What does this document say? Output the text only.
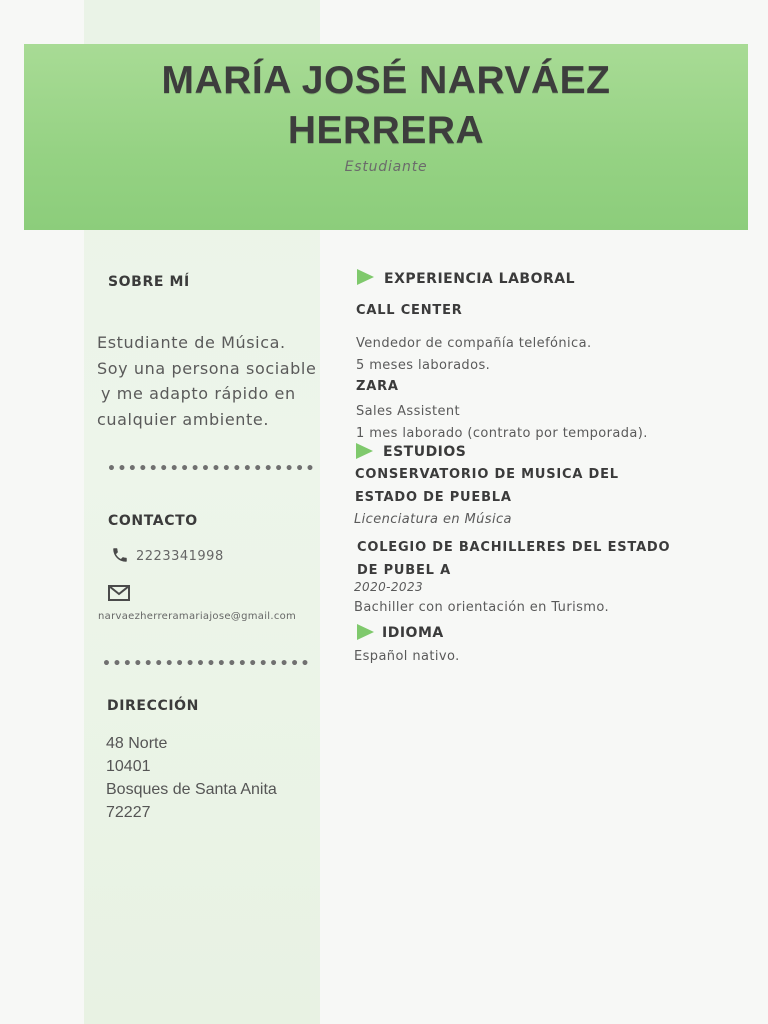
MARÍA JOSÉ NARVÁEZ
HERRERA
Estudiante
SOBRE MÍ
Estudiante de Música.
Soy una persona sociable
y me adapto rápido en
cualquier ambiente.
••••••••••••••••••••
CONTACTO
2223341998
narvaezherreramariajose@gmail.com
••••••••••••••••••••
DIRECCIÓN
48 Norte
10401
Bosques de Santa Anita
72227
EXPERIENCIA LABORAL
CALL CENTER
Vendedor de compañía telefónica.
5 meses laborados.
ZARA
Sales Assistent
1 mes laborado (contrato por temporada).
ESTUDIOS
CONSERVATORIO DE MUSICA DEL
ESTADO DE PUEBLA
Licenciatura en Música
COLEGIO DE BACHILLERES DEL ESTADO
DE PUBEL A
2020-2023
Bachiller con orientación en Turismo.
IDIOMA
Español nativo.
